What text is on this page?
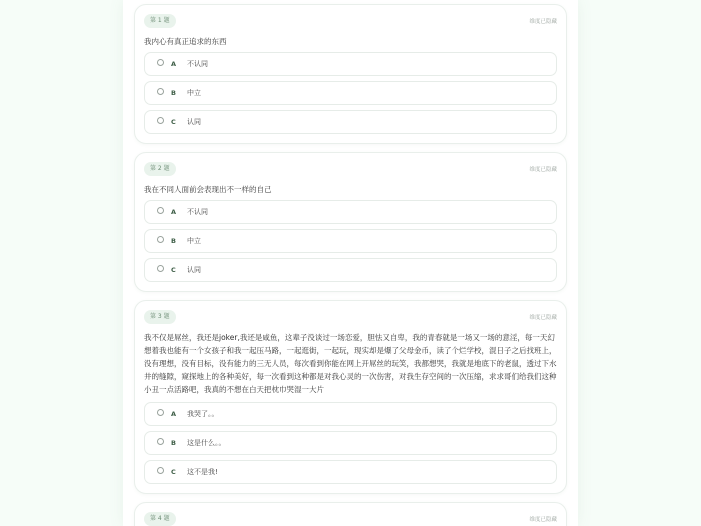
第 1 题	维度已隐藏
我内心有真正追求的东西
A	不认同
B	中立
C	认同
第 2 题	维度已隐藏
我在不同人面前会表现出不一样的自己
A	不认同
B	中立
C	认同
第 3 题	维度已隐藏
我不仅是屌丝，我还是joker,我还是咸鱼，这辈子没谈过一场恋爱，胆怯又自卑，我的青春就是一场又一场的意淫，每一天幻想着我也能有一个女孩子和我一起压马路，一起逛街，一起玩，现实却是爆了父母金币，读了个烂学校，混日子之后找班上，没有理想，没有目标，没有能力的三无人员，每次看到你能在网上开屌丝的玩笑，我都想哭，我就是地底下的老鼠，透过下水井的缝隙，窥探地上的各种美好，每一次看到这种都是对我心灵的一次伤害，对我生存空间的一次压缩，求求哥们给我们这种小丑一点活路吧，我真的不想在白天把枕巾哭湿一大片
A	我哭了。。
B	这是什么。。
C	这不是我!
第 4 题	维度已隐藏
